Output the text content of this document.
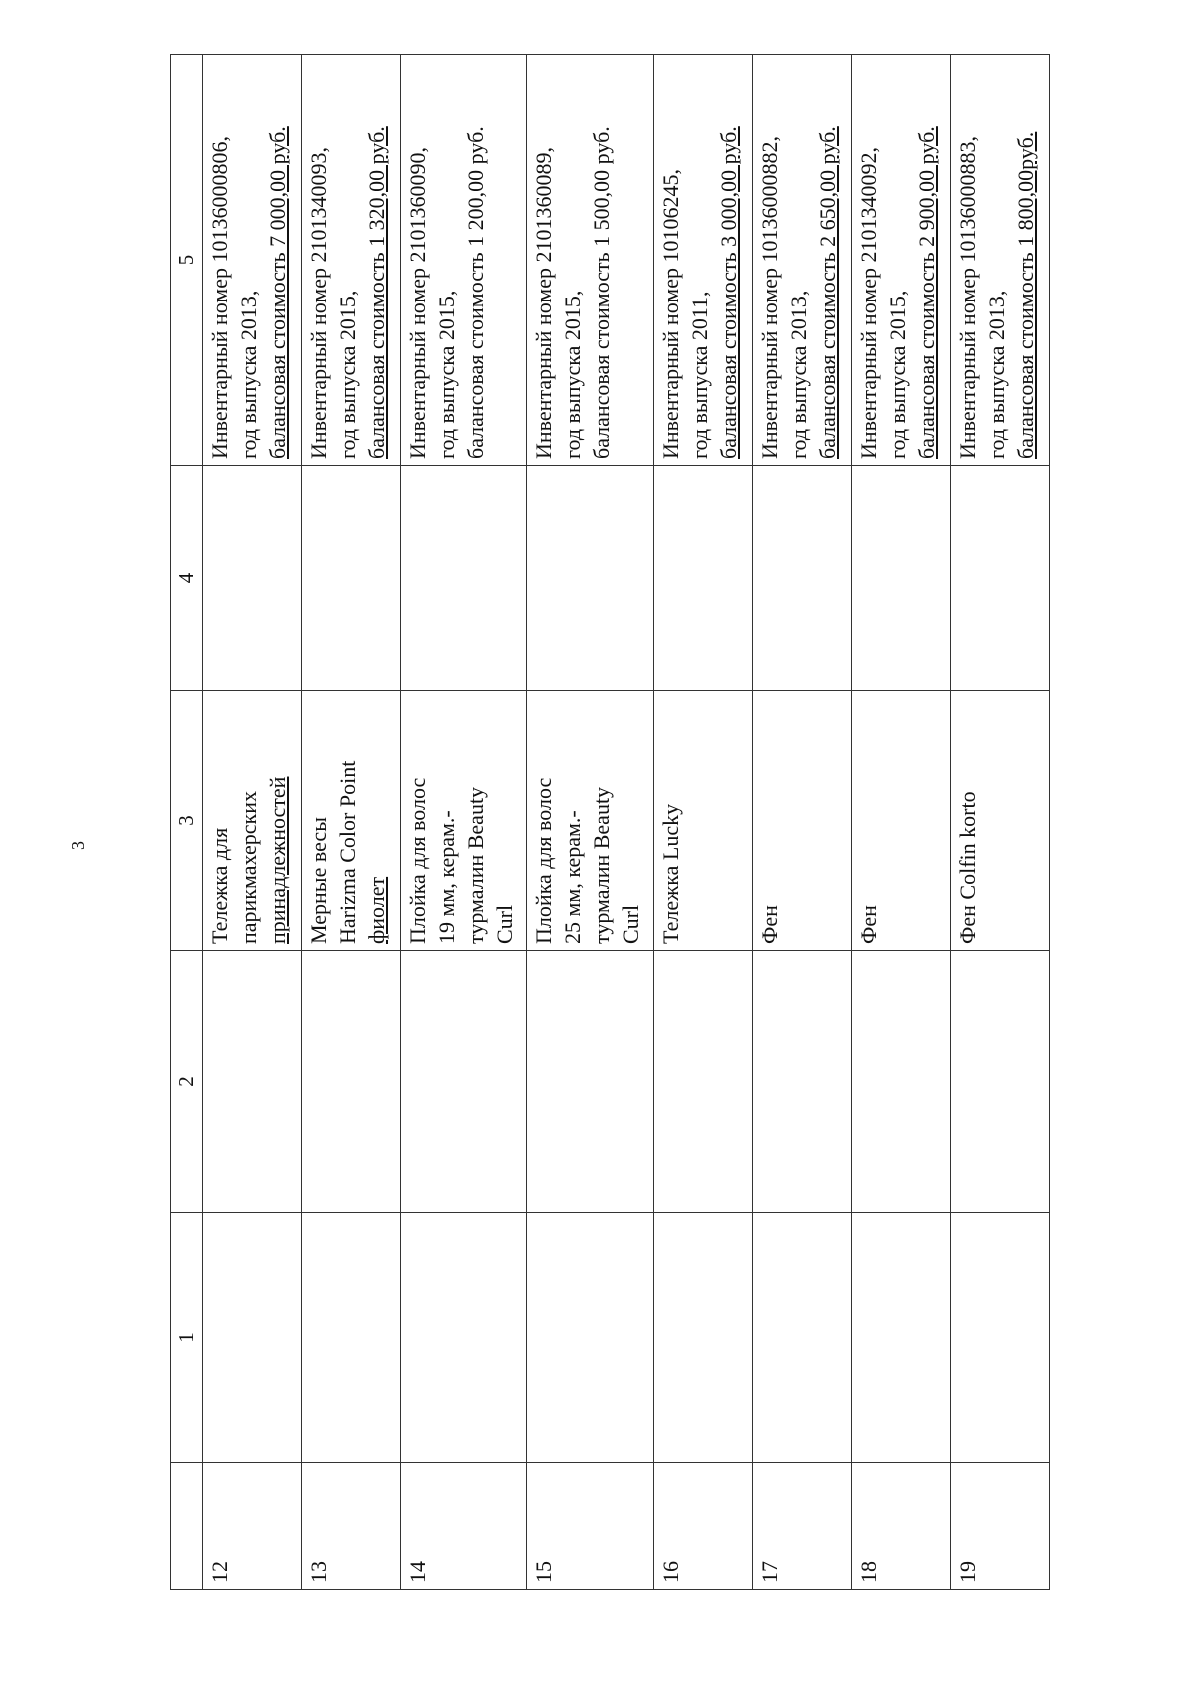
3
	1	2	3	4	5
12			Тележка для парикмахерских принадлежностей		Инвентарный номер 10136000806, год выпуска 2013, балансовая стоимость 7 000,00 руб.

13			Мерные весы Harizma Color Point фиолет		Инвентарный номер 2101340093, год выпуска 2015, балансовая стоимость 1 320,00 руб.

14			Плойка для волос 19 мм, керам.- турмалин Beauty Curl		Инвентарный номер 2101360090, год выпуска 2015, балансовая стоимость 1 200,00 руб.

15			Плойка для волос 25 мм, керам.- турмалин Beauty Curl		Инвентарный номер 2101360089, год выпуска 2015, балансовая стоимость 1 500,00 руб.

16			Тележка Lucky		Инвентарный номер 10106245, год выпуска 2011, балансовая стоимость 3 000,00 руб.

17			Фен		Инвентарный номер 10136000882, год выпуска 2013, балансовая стоимость 2 650,00 руб.

18			Фен		Инвентарный номер 2101340092, год выпуска 2015, балансовая стоимость 2 900,00 руб.

19			Фен Colfin korto		Инвентарный номер 10136000883, год выпуска 2013, балансовая стоимость 1 800,00руб.
